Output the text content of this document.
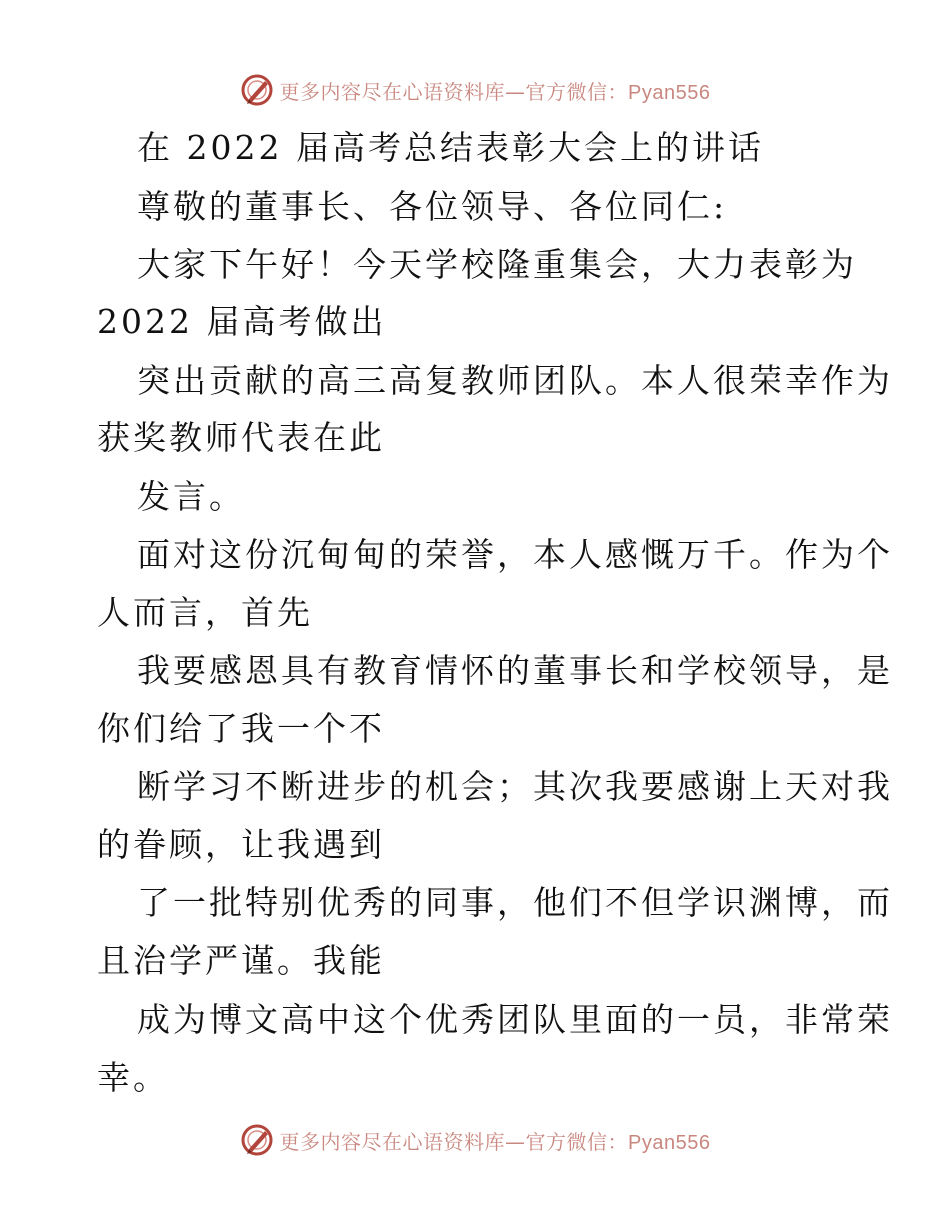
更多内容尽在心语资料库—官方微信：Pyan556
在 2022 届高考总结表彰大会上的讲话
尊敬的董事长、各位领导、各位同仁:
大家下午好！今天学校隆重集会，大力表彰为
2022 届高考做出
突出贡献的高三高复教师团队。本人很荣幸作为
获奖教师代表在此
发言。
面对这份沉甸甸的荣誉，本人感慨万千。作为个
人而言，首先
我要感恩具有教育情怀的董事长和学校领导，是
你们给了我一个不
断学习不断进步的机会；其次我要感谢上天对我
的眷顾，让我遇到
了一批特别优秀的同事，他们不但学识渊博，而
且治学严谨。我能
成为博文高中这个优秀团队里面的一员，非常荣
幸。
更多内容尽在心语资料库—官方微信：Pyan556
